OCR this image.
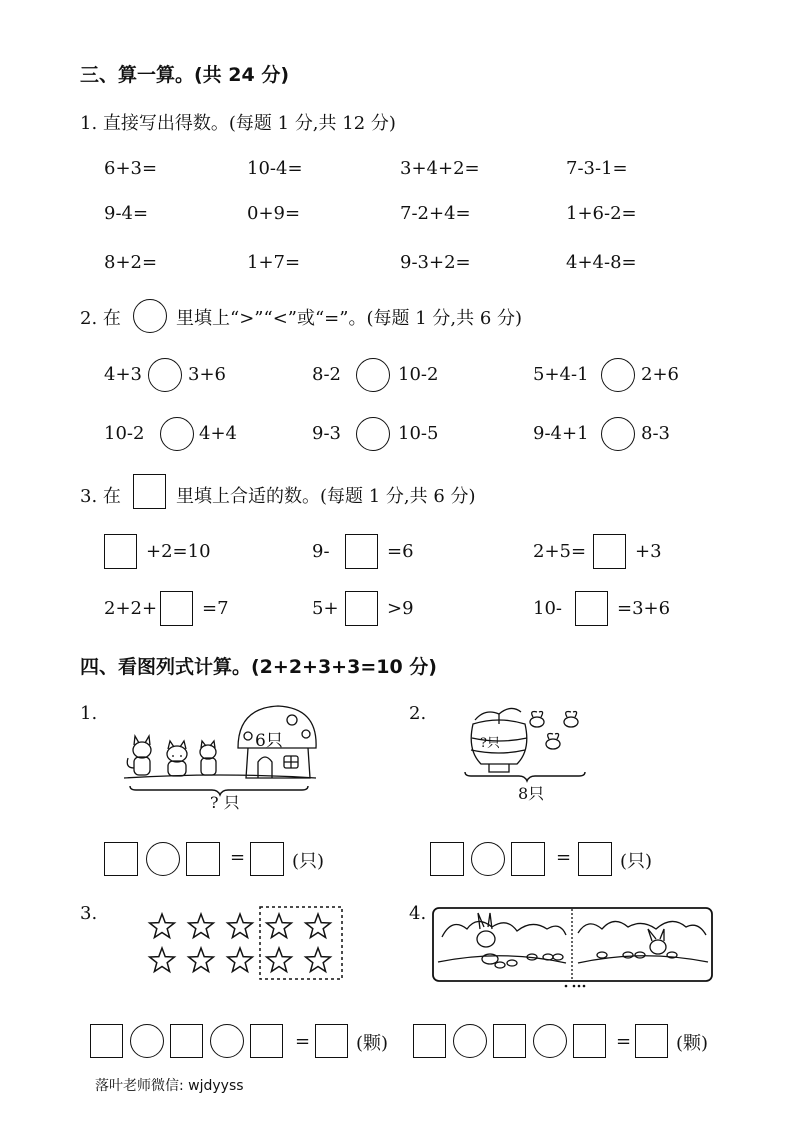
三、算一算。(共 24 分)
1. 直接写出得数。(每题 1 分,共 12 分)
2. 在	里填上“>”“<”或“=”。(每题 1 分,共 6 分)
3. 在	里填上合适的数。(每题 1 分,共 6 分)
四、看图列式计算。(2+2+3+3=10 分)
1.
6只
? 只
=	(只)
2.
?只
8只
=	(只)
3.	4.
=	(颗)	= (颗)
落叶老师微信: wjdyyss
6+3=	10-4=	3+4+2=	7-3-1=
9-4=	0+9=	7-2+4=	1+6-2=
8+2=	1+7=	9-3+2=	4+4-8=
4+3	3+6	8-2	10-2	5+4-1	2+6
10-2	4+4	9-3	10-5	9-4+1	8-3
+2=10	9-	=6	2+5=	+3
2+2+ =7	5+	>9	10-	=3+6
